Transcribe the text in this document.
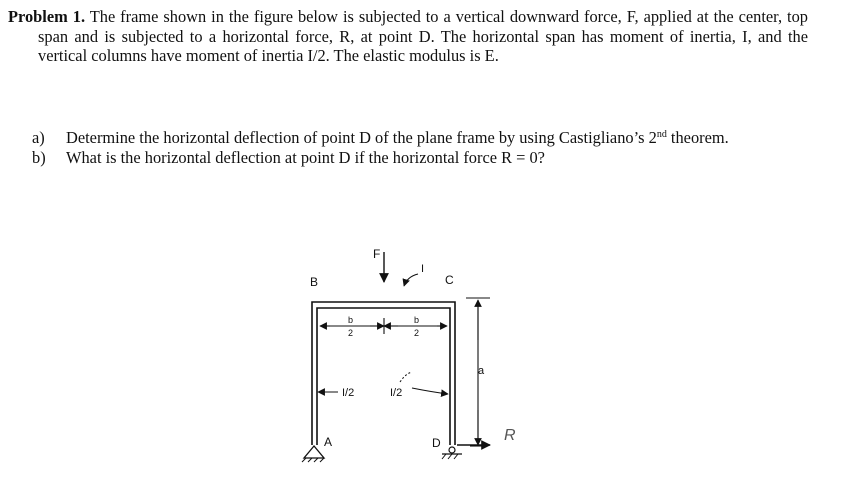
Problem 1. The frame shown in the figure below is subjected to a vertical downward force, F, applied at the center, top span and is subjected to a horizontal force, R, at point D. The horizontal span has moment of inertia, I, and the vertical columns have moment of inertia I/2. The elastic modulus is E.

a) Determine the horizontal deflection of point D of the plane frame by using Castigliano’s 2nd theorem.
b) What is the horizontal deflection at point D if the horizontal force R = 0?
B	C
F
I
b
2
b
2
I/2	I/2
a
A	D	R
